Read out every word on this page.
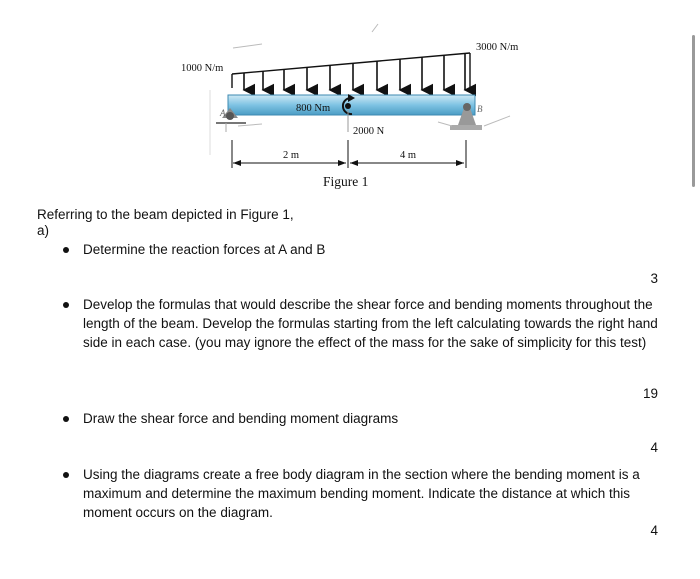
1000 N/m
3000 N/m
800 Nm
2000 N
A	B
2 m	4 m
Figure 1
Referring to the beam depicted in Figure 1,
a)
Determine the reaction forces at A and B
3
Develop the formulas that would describe the shear force and bending moments throughout the length of the beam. Develop the formulas starting from the left calculating towards the right hand side in each case. (you may ignore the effect of the mass for the sake of simplicity for this test)
19
Draw the shear force and bending moment diagrams
4
Using the diagrams create a free body diagram in the section where the bending moment is a maximum and determine the maximum bending moment. Indicate the distance at which this moment occurs on the diagram.
4
